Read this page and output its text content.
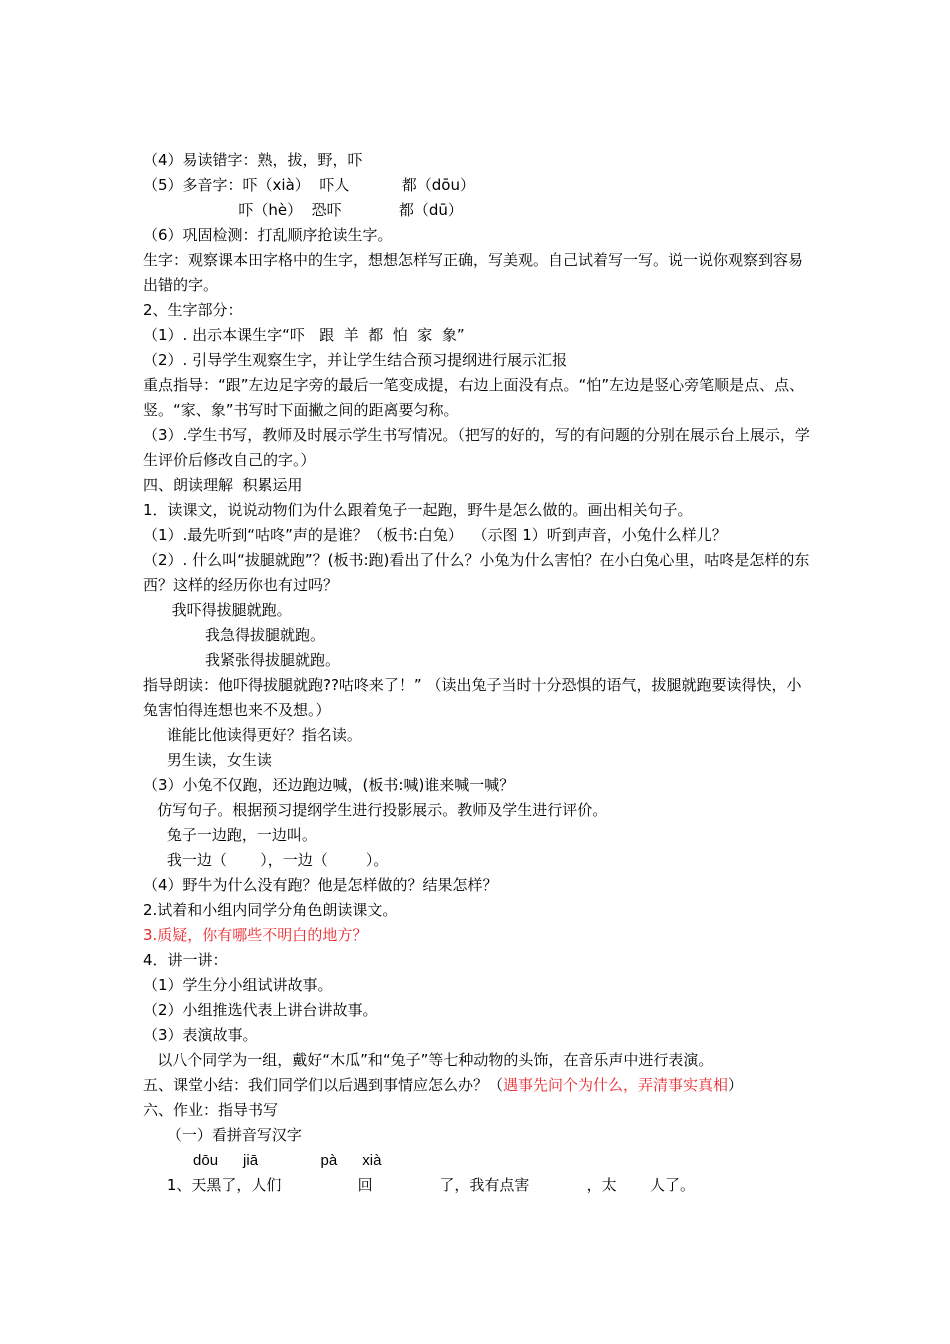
（4）易读错字：熟，拔，野，吓

（5）多音字：吓（xià）  吓人           都（dōu）

吓（hè）  恐吓            都（dū）

（6）巩固检测：打乱顺序抢读生字。

生字：观察课本田字格中的生字，想想怎样写正确，写美观。自己试着写一写。说一说你观察到容易出错的字。

2、生字部分：

（1）. 出示本课生字“吓   跟  羊  都  怕  家  象”

（2）. 引导学生观察生字，并让学生结合预习提纲进行展示汇报

重点指导：“跟”左边足字旁的最后一笔变成提，右边上面没有点。“怕”左边是竖心旁笔顺是点、点、竖。“家、象”书写时下面撇之间的距离要匀称。

（3）.学生书写，教师及时展示学生书写情况。（把写的好的，写的有问题的分别在展示台上展示，学生评价后修改自己的字。）

四、朗读理解  积累运用

1．读课文，说说动物们为什么跟着兔子一起跑，野牛是怎么做的。画出相关句子。

（1）.最先听到“咕咚”声的是谁？（板书:白兔）  （示图 1）听到声音，小兔什么样儿？

（2）. 什么叫“拔腿就跑”？(板书:跑)看出了什么？小兔为什么害怕？在小白兔心里，咕咚是怎样的东西？这样的经历你也有过吗？

我吓得拔腿就跑。

我急得拔腿就跑。

我紧张得拔腿就跑。

指导朗读：他吓得拔腿就跑??咕咚来了！” （读出兔子当时十分恐惧的语气，拔腿就跑要读得快，小兔害怕得连想也来不及想。）

谁能比他读得更好？指名读。

男生读，女生读

（3）小兔不仅跑，还边跑边喊，(板书:喊)谁来喊一喊？

仿写句子。根据预习提纲学生进行投影展示。教师及学生进行评价。

兔子一边跑，一边叫。

我一边（       ），一边（        ）。

（4）野牛为什么没有跑？他是怎样做的？结果怎样？

2.试着和小组内同学分角色朗读课文。

3.质疑，你有哪些不明白的地方？

4．讲一讲：

（1）学生分小组试讲故事。

（2）小组推选代表上讲台讲故事。

（3）表演故事。

以八个同学为一组，戴好“木瓜”和“兔子”等七种动物的头饰，在音乐声中进行表演。

五、课堂小结：我们同学们以后遇到事情应怎么办？（遇事先问个为什么，弄清事实真相）

六、作业：指导书写

（一）看拼音写汉字

dōu      jiā               pà      xià

1、天黑了，人们                回              了，我有点害            ，太       人了。
